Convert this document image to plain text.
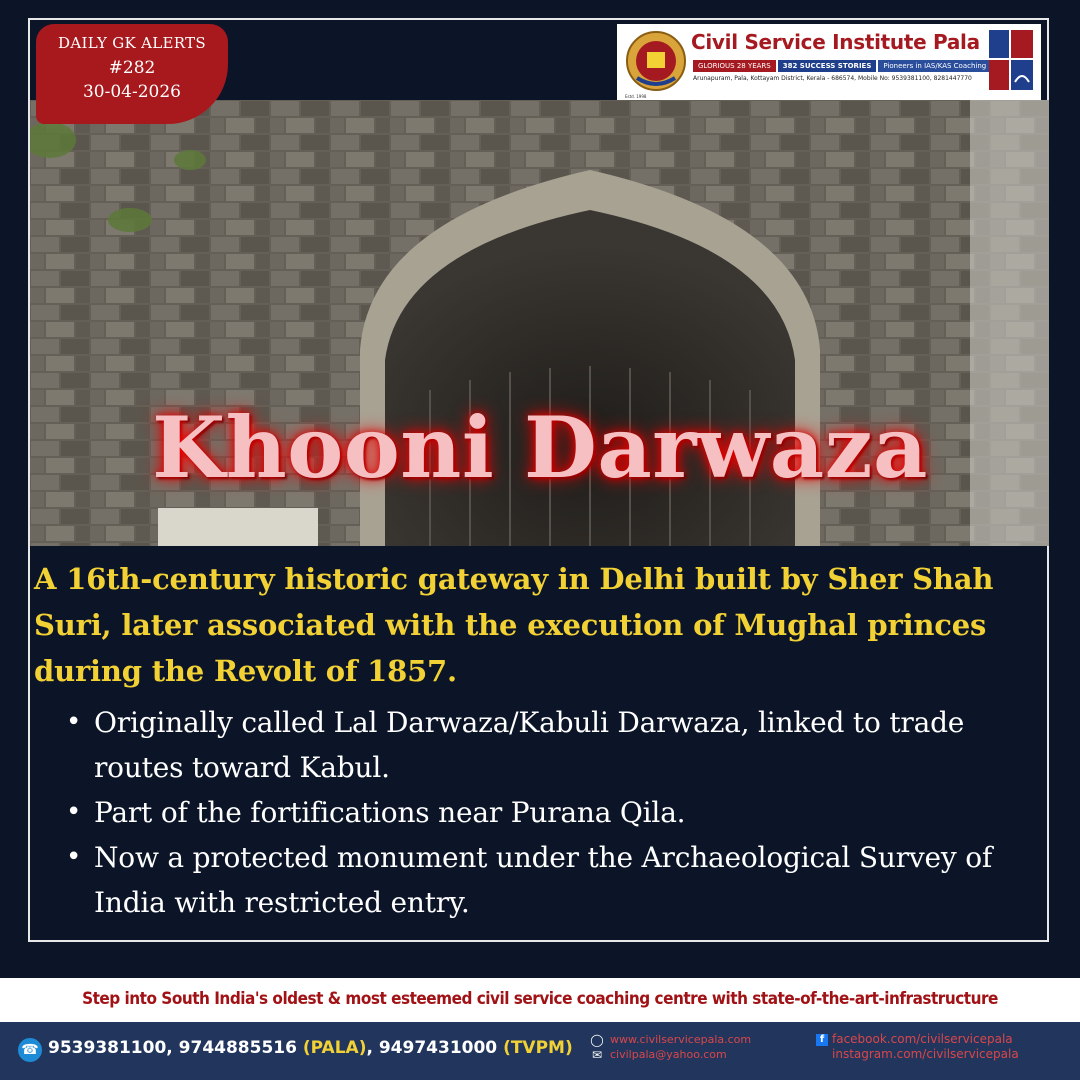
DAILY GK ALERTS
#282
30-04-2026	Estd. 1998
Civil Service Institute Pala
GLORIOUS 28 YEARS	382 SUCCESS STORIES	Pioneers in IAS/KAS Coaching
Arunapuram, Pala, Kottayam District, Kerala - 686574, Mobile No: 9539381100, 8281447770
Khooni Darwaza
A 16th-century historic gateway in Delhi built by Sher Shah Suri, later associated with the execution of Mughal princes during the Revolt of 1857.
• Originally called Lal Darwaza/Kabuli Darwaza, linked to trade routes toward Kabul.
• Part of the fortifications near Purana Qila.
• Now a protected monument under the Archaeological Survey of India with restricted entry.
Step into South India's oldest & most esteemed civil service coaching centre with state-of-the-art-infrastructure
☎ 9539381100, 9744885516 (PALA), 9497431000 (TVPM) ◯ www.civilservicepala.com
✉ civilpala@yahoo.com
f facebook.com/civilservicepala
instagram.com/civilservicepala
